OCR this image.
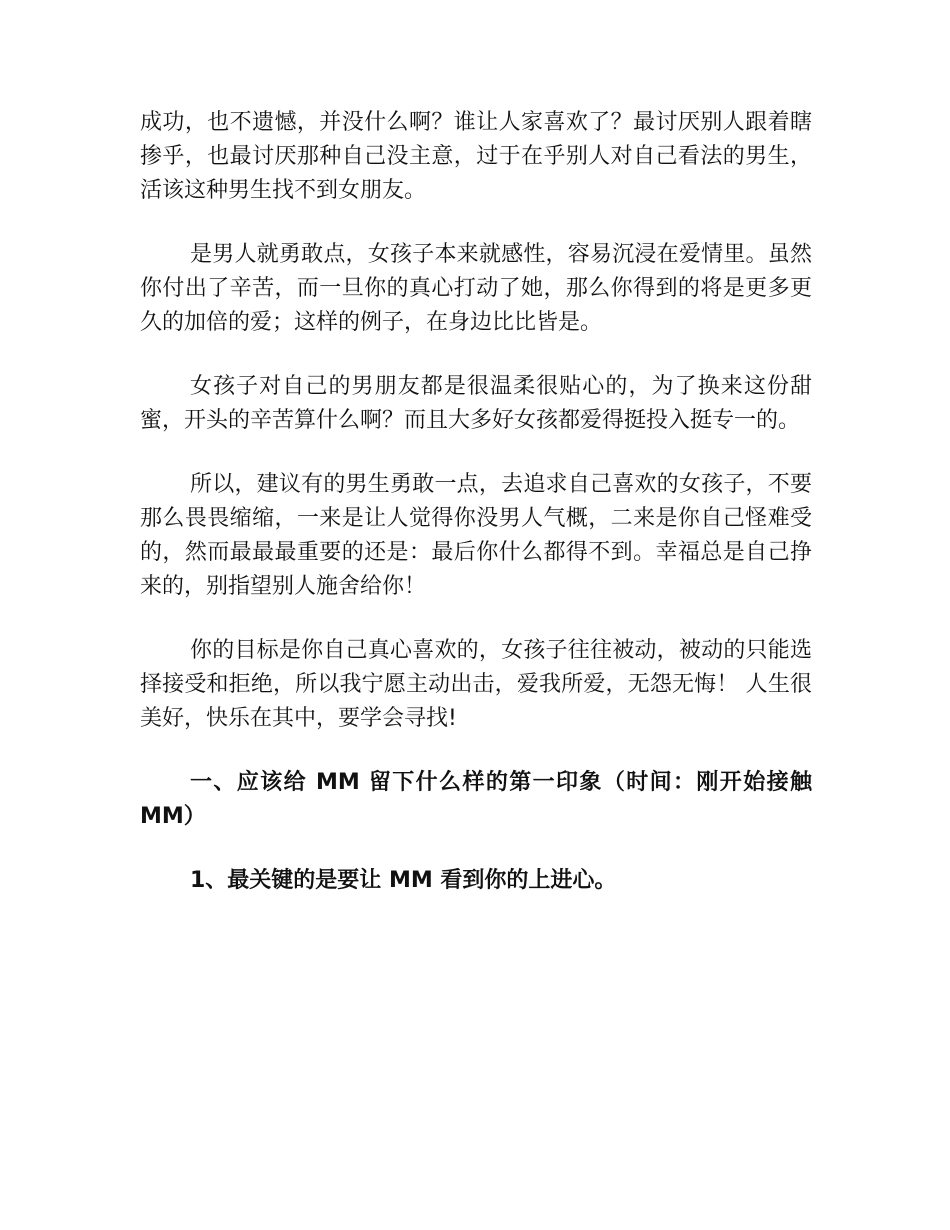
成功，也不遗憾，并没什么啊？谁让人家喜欢了？最讨厌别人跟着瞎掺乎，也最讨厌那种自己没主意，过于在乎别人对自己看法的男生，活该这种男生找不到女朋友。

是男人就勇敢点，女孩子本来就感性，容易沉浸在爱情里。虽然你付出了辛苦，而一旦你的真心打动了她，那么你得到的将是更多更久的加倍的爱；这样的例子，在身边比比皆是。

女孩子对自己的男朋友都是很温柔很贴心的，为了换来这份甜蜜，开头的辛苦算什么啊？而且大多好女孩都爱得挺投入挺专一的。

所以，建议有的男生勇敢一点，去追求自己喜欢的女孩子，不要那么畏畏缩缩，一来是让人觉得你没男人气概，二来是你自己怪难受的，然而最最最重要的还是：最后你什么都得不到。幸福总是自己挣来的，别指望别人施舍给你！

你的目标是你自己真心喜欢的，女孩子往往被动，被动的只能选择接受和拒绝，所以我宁愿主动出击，爱我所爱，无怨无悔！ 人生很美好，快乐在其中，要学会寻找!

一、应该给 MM 留下什么样的第一印象（时间：刚开始接触 MM）

1、最关键的是要让 MM 看到你的上进心。
